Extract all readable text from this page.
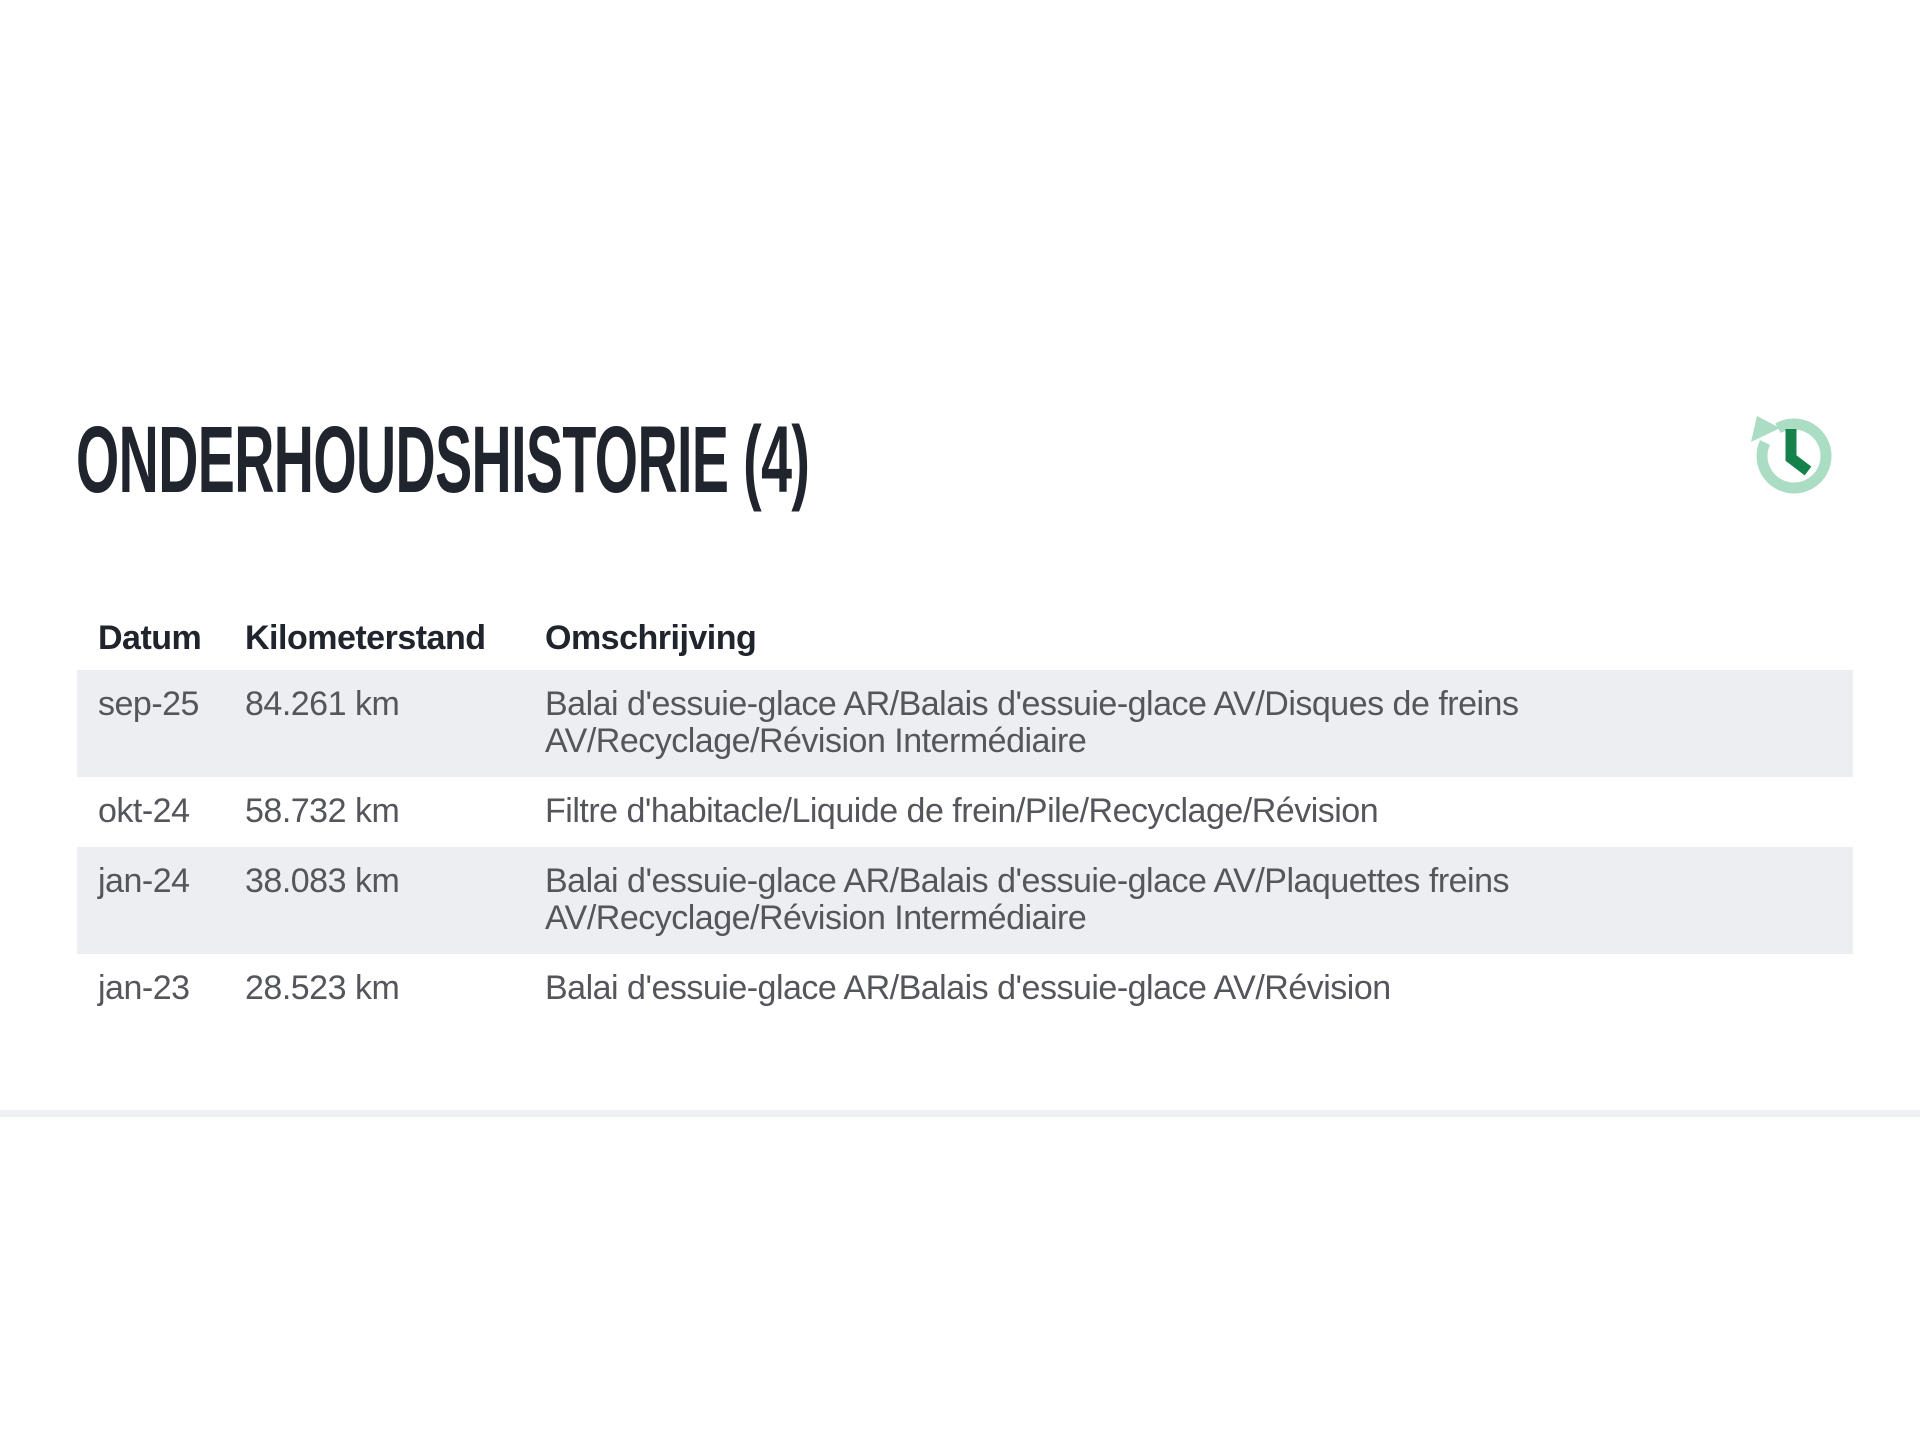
ONDERHOUDSHISTORIE (4)
Datum	Kilometerstand	Omschrijving
sep-25	84.261 km	Balai d'essuie-glace AR/Balais d'essuie-glace AV/Disques de freins AV/Recyclage/Révision Intermédiaire
okt-24	58.732 km	Filtre d'habitacle/Liquide de frein/Pile/Recyclage/Révision
jan-24	38.083 km	Balai d'essuie-glace AR/Balais d'essuie-glace AV/Plaquettes freins AV/Recyclage/Révision Intermédiaire
jan-23	28.523 km	Balai d'essuie-glace AR/Balais d'essuie-glace AV/Révision
